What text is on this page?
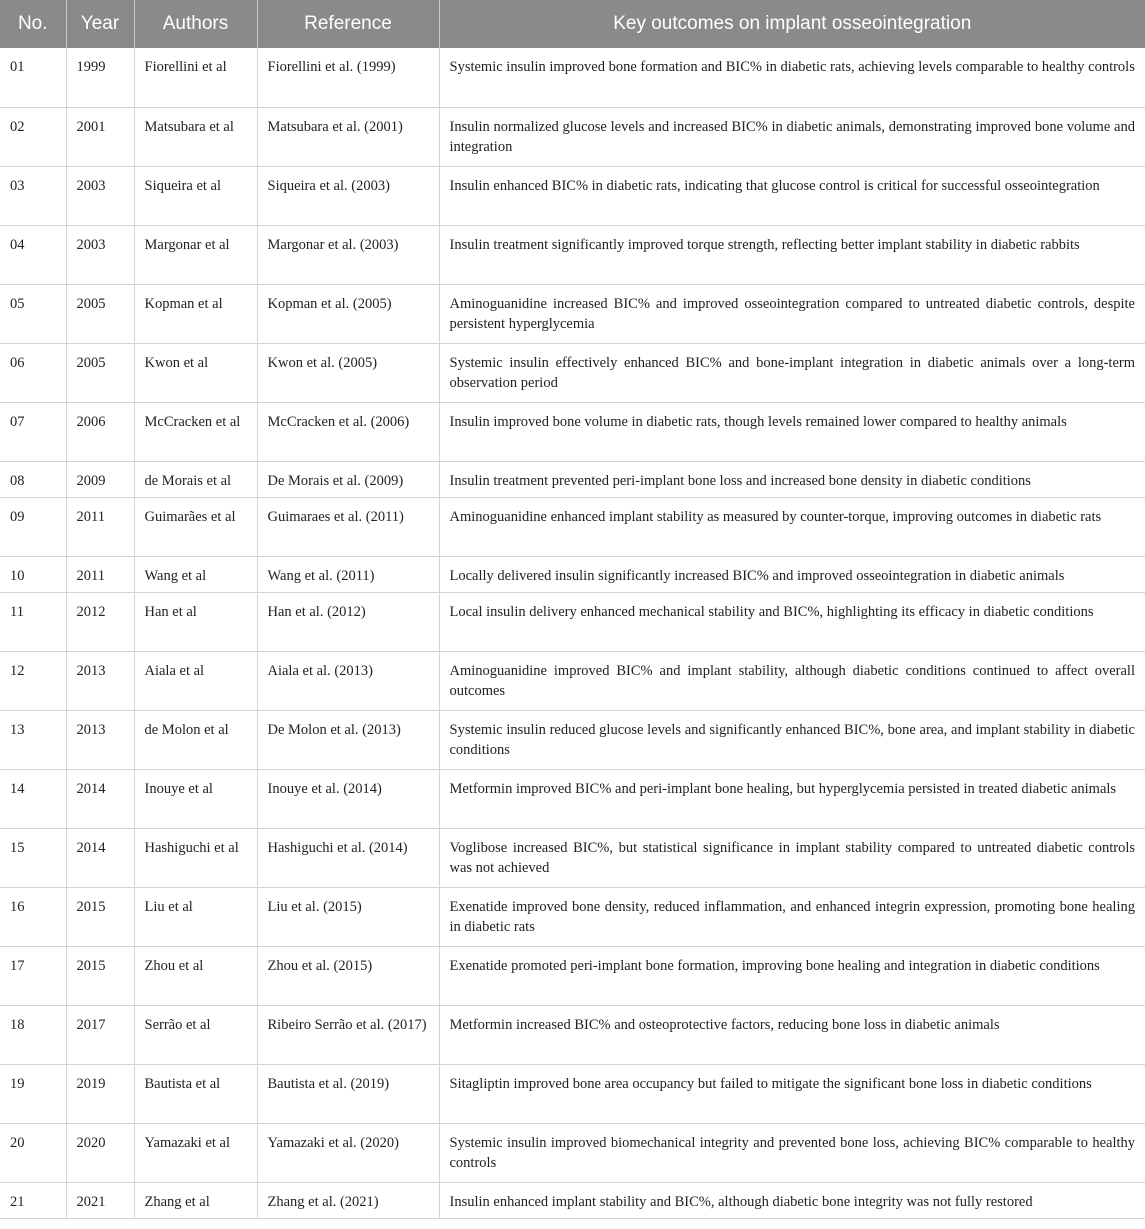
No.	Year	Authors	Reference	Key outcomes on implant osseointegration
01	1999	Fiorellini et al	Fiorellini et al. (1999)	Systemic insulin improved bone formation and BIC% in diabetic rats, achieving levels comparable to healthy controls
02	2001	Matsubara et al	Matsubara et al. (2001)	Insulin normalized glucose levels and increased BIC% in diabetic animals, demonstrating improved bone volume and integration
03	2003	Siqueira et al	Siqueira et al. (2003)	Insulin enhanced BIC% in diabetic rats, indicating that glucose control is critical for successful osseointegration
04	2003	Margonar et al	Margonar et al. (2003)	Insulin treatment significantly improved torque strength, reflecting better implant stability in diabetic rabbits
05	2005	Kopman et al	Kopman et al. (2005)	Aminoguanidine increased BIC% and improved osseointegration compared to untreated diabetic controls, despite persistent hyperglycemia
06	2005	Kwon et al	Kwon et al. (2005)	Systemic insulin effectively enhanced BIC% and bone-implant integration in diabetic animals over a long-term observation period
07	2006	McCracken et al	McCracken et al. (2006)	Insulin improved bone volume in diabetic rats, though levels remained lower compared to healthy animals
08	2009	de Morais et al	De Morais et al. (2009)	Insulin treatment prevented peri-implant bone loss and increased bone density in diabetic conditions
09	2011	Guimarães et al	Guimaraes et al. (2011)	Aminoguanidine enhanced implant stability as measured by counter-torque, improving outcomes in diabetic rats
10	2011	Wang et al	Wang et al. (2011)	Locally delivered insulin significantly increased BIC% and improved osseointegration in diabetic animals
11	2012	Han et al	Han et al. (2012)	Local insulin delivery enhanced mechanical stability and BIC%, highlighting its efficacy in diabetic conditions
12	2013	Aiala et al	Aiala et al. (2013)	Aminoguanidine improved BIC% and implant stability, although diabetic conditions continued to affect overall outcomes
13	2013	de Molon et al	De Molon et al. (2013)	Systemic insulin reduced glucose levels and significantly enhanced BIC%, bone area, and implant stability in diabetic conditions
14	2014	Inouye et al	Inouye et al. (2014)	Metformin improved BIC% and peri-implant bone healing, but hyperglycemia persisted in treated diabetic animals
15	2014	Hashiguchi et al	Hashiguchi et al. (2014)	Voglibose increased BIC%, but statistical significance in implant stability compared to untreated diabetic controls was not achieved
16	2015	Liu et al	Liu et al. (2015)	Exenatide improved bone density, reduced inflammation, and enhanced integrin expression, promoting bone healing in diabetic rats
17	2015	Zhou et al	Zhou et al. (2015)	Exenatide promoted peri-implant bone formation, improving bone healing and integration in diabetic conditions
18	2017	Serrão et al	Ribeiro Serrão et al. (2017)	Metformin increased BIC% and osteoprotective factors, reducing bone loss in diabetic animals
19	2019	Bautista et al	Bautista et al. (2019)	Sitagliptin improved bone area occupancy but failed to mitigate the significant bone loss in diabetic conditions
20	2020	Yamazaki et al	Yamazaki et al. (2020)	Systemic insulin improved biomechanical integrity and prevented bone loss, achieving BIC% comparable to healthy controls
21	2021	Zhang et al	Zhang et al. (2021)	Insulin enhanced implant stability and BIC%, although diabetic bone integrity was not fully restored
